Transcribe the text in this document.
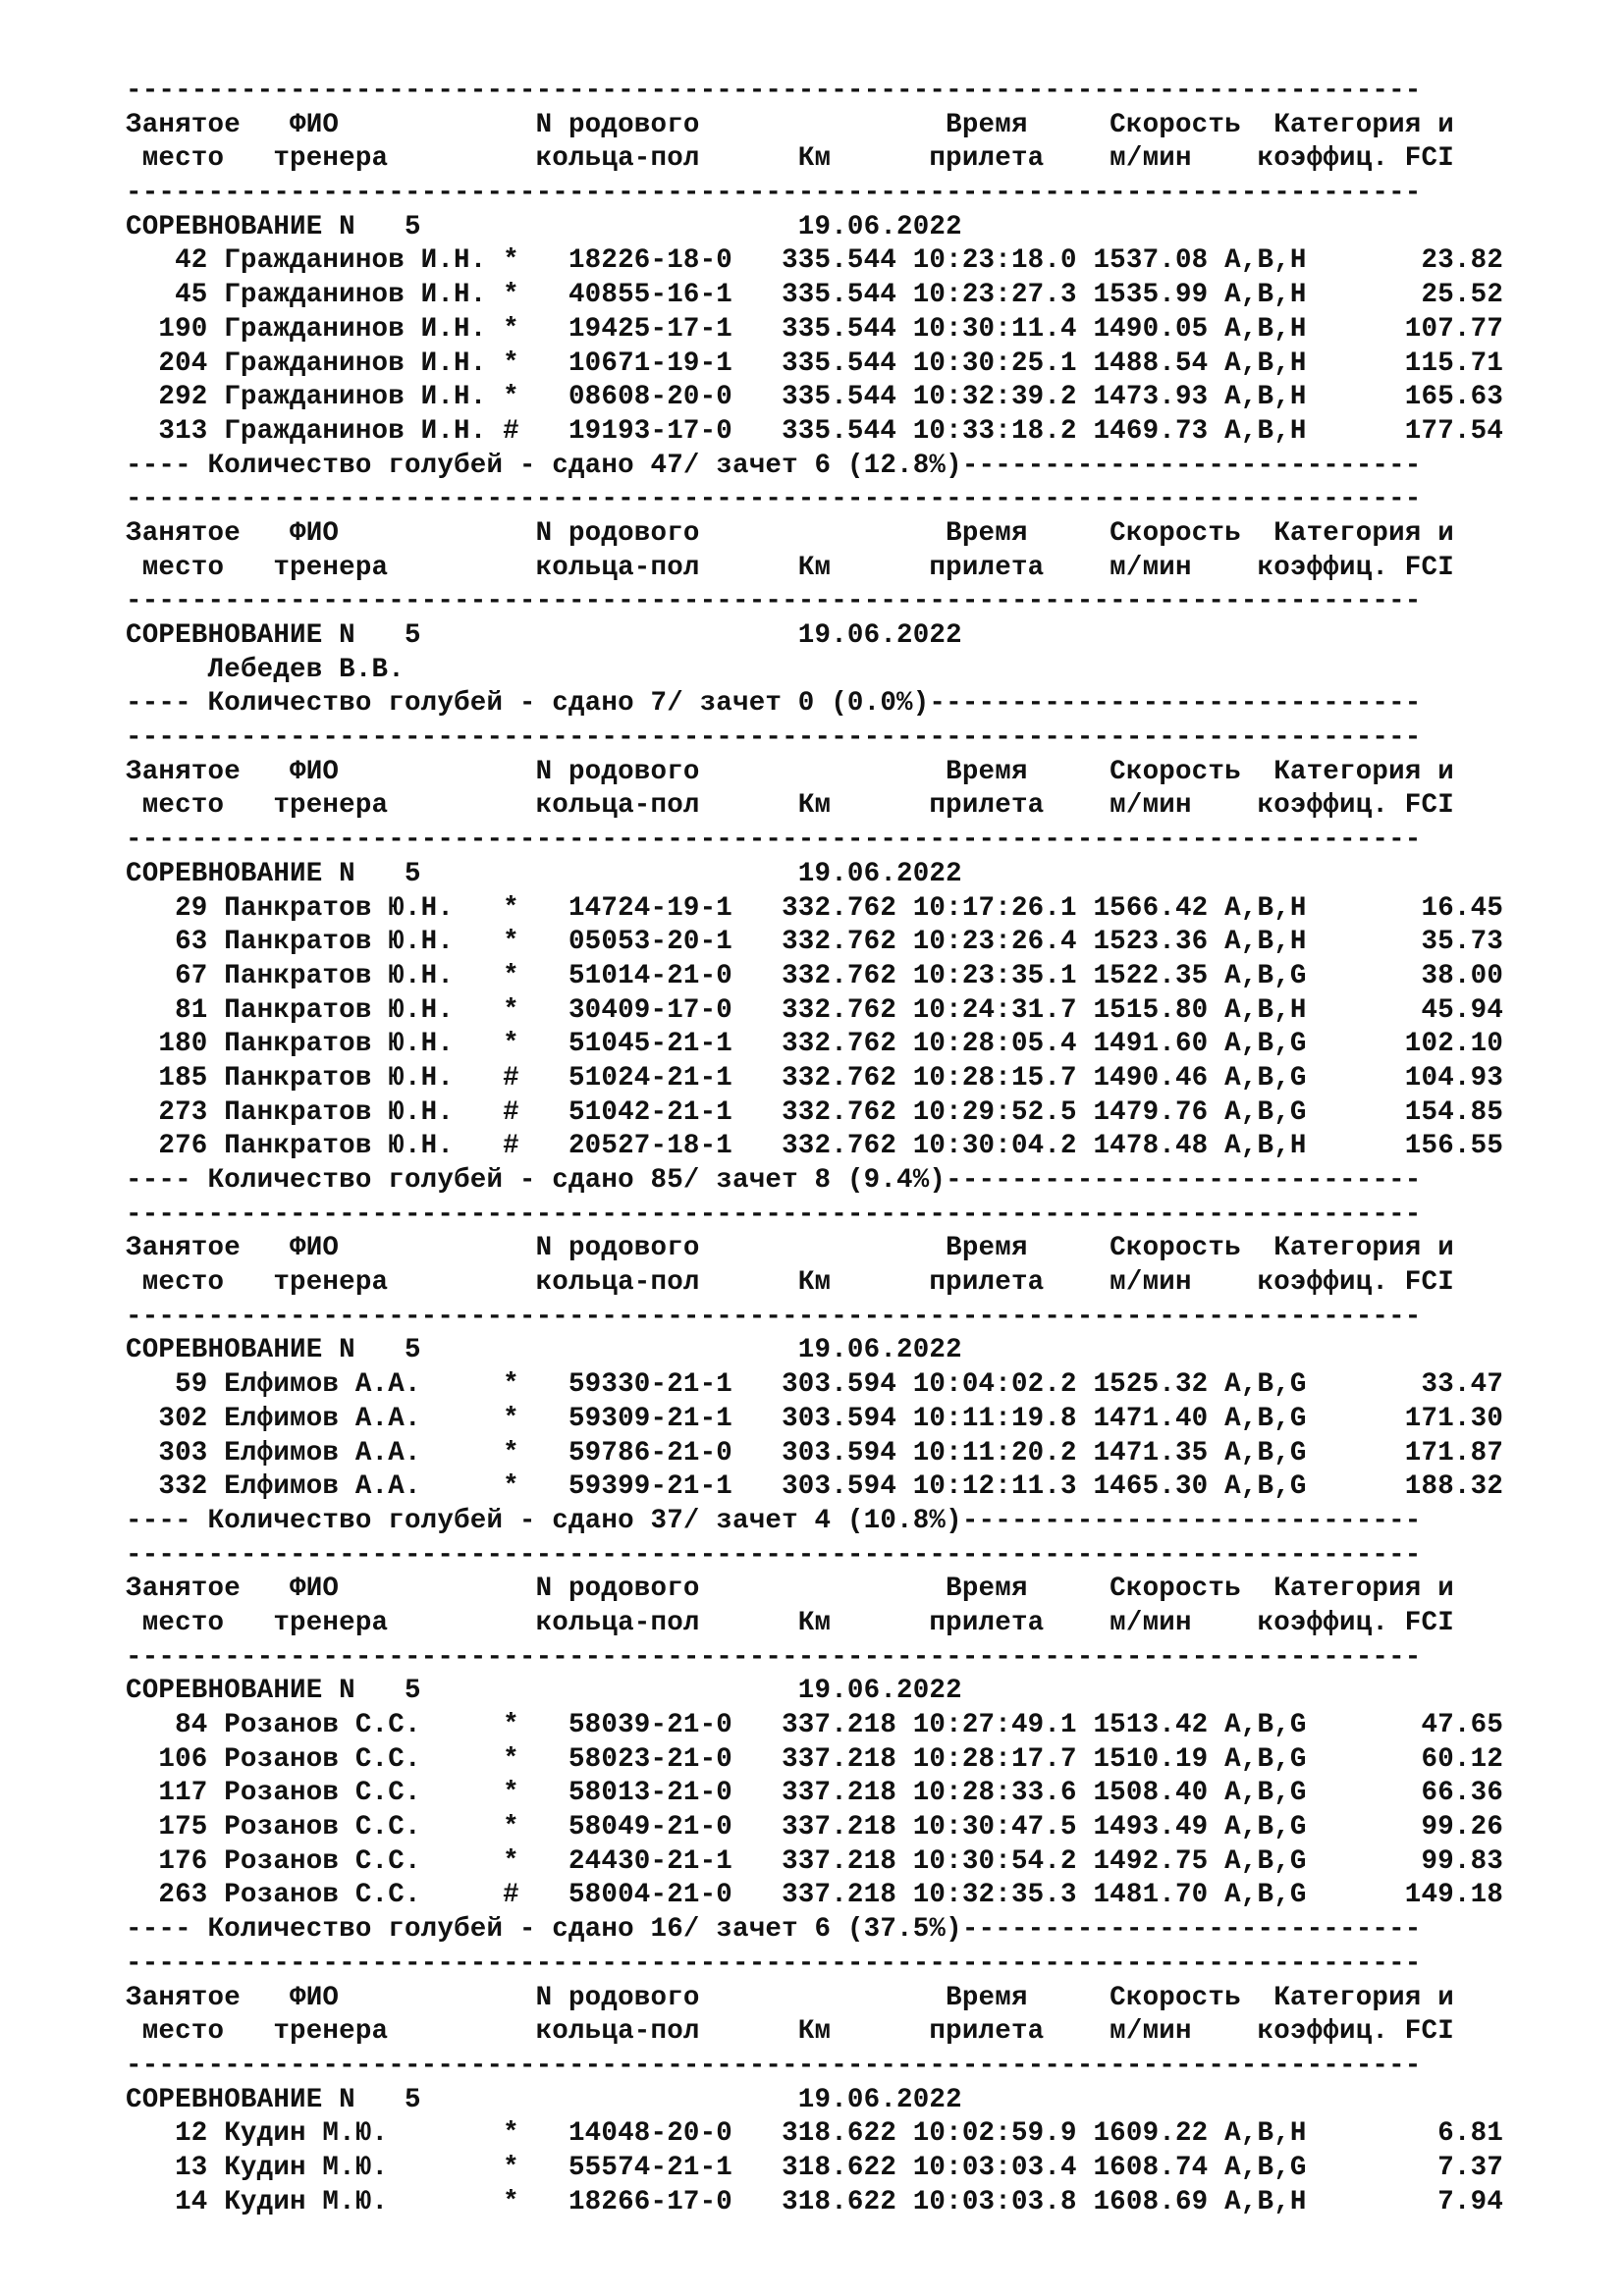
-------------------------------------------------------------------------------
Занятое   ФИО            N родового               Время     Скорость  Категория и
место   тренера         кольца-пол      Км      прилета    м/мин    коэффиц. FCI
-------------------------------------------------------------------------------
СОРЕВНОВАНИЕ N   5                       19.06.2022
42 Гражданинов И.Н. *   18226-18-0   335.544 10:23:18.0 1537.08 A,B,H       23.82
45 Гражданинов И.Н. *   40855-16-1   335.544 10:23:27.3 1535.99 A,B,H       25.52
190 Гражданинов И.Н. *   19425-17-1   335.544 10:30:11.4 1490.05 A,B,H      107.77
204 Гражданинов И.Н. *   10671-19-1   335.544 10:30:25.1 1488.54 A,B,H      115.71
292 Гражданинов И.Н. *   08608-20-0   335.544 10:32:39.2 1473.93 A,B,H      165.63
313 Гражданинов И.Н. #   19193-17-0   335.544 10:33:18.2 1469.73 A,B,H      177.54
---- Количество голубей - сдано 47/ зачет 6 (12.8%)----------------------------
-------------------------------------------------------------------------------
Занятое   ФИО            N родового               Время     Скорость  Категория и
место   тренера         кольца-пол      Км      прилета    м/мин    коэффиц. FCI
-------------------------------------------------------------------------------
СОРЕВНОВАНИЕ N   5                       19.06.2022
Лебедев В.В.
---- Количество голубей - сдано 7/ зачет 0 (0.0%)------------------------------
-------------------------------------------------------------------------------
Занятое   ФИО            N родового               Время     Скорость  Категория и
место   тренера         кольца-пол      Км      прилета    м/мин    коэффиц. FCI
-------------------------------------------------------------------------------
СОРЕВНОВАНИЕ N   5                       19.06.2022
29 Панкратов Ю.Н.   *   14724-19-1   332.762 10:17:26.1 1566.42 A,B,H       16.45
63 Панкратов Ю.Н.   *   05053-20-1   332.762 10:23:26.4 1523.36 A,B,H       35.73
67 Панкратов Ю.Н.   *   51014-21-0   332.762 10:23:35.1 1522.35 A,B,G       38.00
81 Панкратов Ю.Н.   *   30409-17-0   332.762 10:24:31.7 1515.80 A,B,H       45.94
180 Панкратов Ю.Н.   *   51045-21-1   332.762 10:28:05.4 1491.60 A,B,G      102.10
185 Панкратов Ю.Н.   #   51024-21-1   332.762 10:28:15.7 1490.46 A,B,G      104.93
273 Панкратов Ю.Н.   #   51042-21-1   332.762 10:29:52.5 1479.76 A,B,G      154.85
276 Панкратов Ю.Н.   #   20527-18-1   332.762 10:30:04.2 1478.48 A,B,H      156.55
---- Количество голубей - сдано 85/ зачет 8 (9.4%)-----------------------------
-------------------------------------------------------------------------------
Занятое   ФИО            N родового               Время     Скорость  Категория и
место   тренера         кольца-пол      Км      прилета    м/мин    коэффиц. FCI
-------------------------------------------------------------------------------
СОРЕВНОВАНИЕ N   5                       19.06.2022
59 Елфимов А.А.     *   59330-21-1   303.594 10:04:02.2 1525.32 A,B,G       33.47
302 Елфимов А.А.     *   59309-21-1   303.594 10:11:19.8 1471.40 A,B,G      171.30
303 Елфимов А.А.     *   59786-21-0   303.594 10:11:20.2 1471.35 A,B,G      171.87
332 Елфимов А.А.     *   59399-21-1   303.594 10:12:11.3 1465.30 A,B,G      188.32
---- Количество голубей - сдано 37/ зачет 4 (10.8%)----------------------------
-------------------------------------------------------------------------------
Занятое   ФИО            N родового               Время     Скорость  Категория и
место   тренера         кольца-пол      Км      прилета    м/мин    коэффиц. FCI
-------------------------------------------------------------------------------
СОРЕВНОВАНИЕ N   5                       19.06.2022
84 Розанов С.С.     *   58039-21-0   337.218 10:27:49.1 1513.42 A,B,G       47.65
106 Розанов С.С.     *   58023-21-0   337.218 10:28:17.7 1510.19 A,B,G       60.12
117 Розанов С.С.     *   58013-21-0   337.218 10:28:33.6 1508.40 A,B,G       66.36
175 Розанов С.С.     *   58049-21-0   337.218 10:30:47.5 1493.49 A,B,G       99.26
176 Розанов С.С.     *   24430-21-1   337.218 10:30:54.2 1492.75 A,B,G       99.83
263 Розанов С.С.     #   58004-21-0   337.218 10:32:35.3 1481.70 A,B,G      149.18
---- Количество голубей - сдано 16/ зачет 6 (37.5%)----------------------------
-------------------------------------------------------------------------------
Занятое   ФИО            N родового               Время     Скорость  Категория и
место   тренера         кольца-пол      Км      прилета    м/мин    коэффиц. FCI
-------------------------------------------------------------------------------
СОРЕВНОВАНИЕ N   5                       19.06.2022
12 Кудин М.Ю.       *   14048-20-0   318.622 10:02:59.9 1609.22 A,B,H        6.81
13 Кудин М.Ю.       *   55574-21-1   318.622 10:03:03.4 1608.74 A,B,G        7.37
14 Кудин М.Ю.       *   18266-17-0   318.622 10:03:03.8 1608.69 A,B,H        7.94
